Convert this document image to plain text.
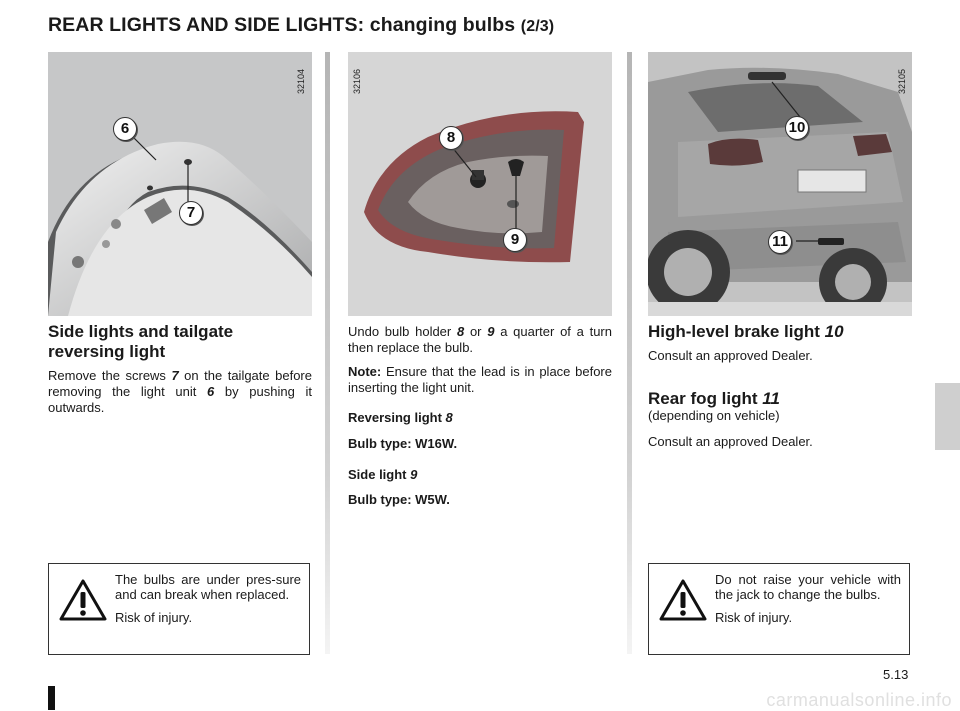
REAR LIGHTS AND SIDE LIGHTS: changing bulbs (2/3)
32104
6
7
32106
8
9
32105
10
11
Side lights and tailgate
reversing light
Remove the screws 7 on the tailgate before removing the light unit 6 by pushing it outwards.
Undo bulb holder 8 or 9 a quarter of a turn then replace the bulb.
Note: Ensure that the lead is in place before inserting the light unit.
Reversing light 8
Bulb type: W16W.
Side light 9
Bulb type: W5W.
High-level brake light 10
Consult an approved Dealer.
Rear fog light 11
(depending on vehicle)
Consult an approved Dealer.
The bulbs are under pres-sure and can break when replaced.
Risk of injury.
Do not raise your vehicle with the jack to change the bulbs.
Risk of injury.
5.13
carmanualsonline.info
